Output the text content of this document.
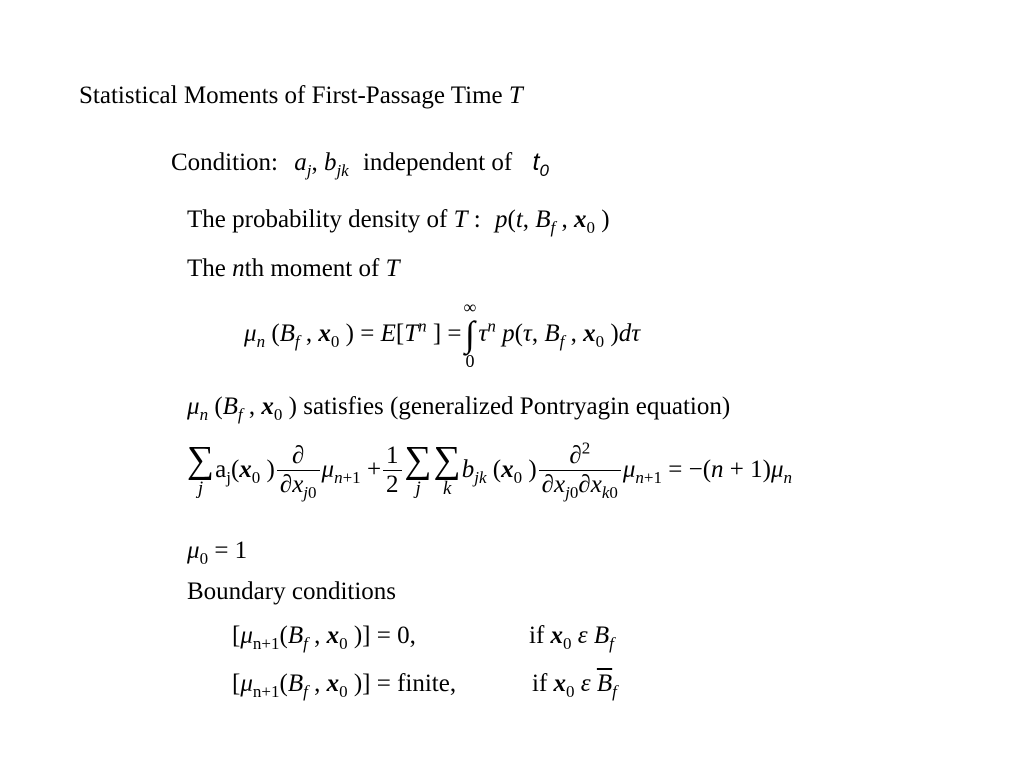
Statistical Moments of First-Passage Time T
Condition: $a_j$, $b_{jk}$ independent of $t_0$
The probability density of T : p(t, $B_f$ , $x_0$ )
The nth moment of T
$\mu_n$ ($B_f$ , $x_0$ ) = $E[T^n$ ] =
∞
∫
0
$\tau^n$ p(τ, $B_f$ , $x_0$ )dτ
$\mu_n$ ($B_f$ , $x_0$ ) satisfies (generalized Pontryagin equation)
∑
j
$a_j(x_0$ ) $\frac{\partial}{\partial x_{j0}} \mu_{n+1} + \frac{1}{2}$ ∑
j
∑
k
$b_{jk}$ ($x_0$ ) $\frac{\partial^2}{\partial x_{j0}\partial x_{k0}} \mu_{n+1} = -(n + 1)\mu_n$
$\mu_0 = 1$
Boundary conditions
[$\mu_{n+1}(B_f$ , $x_0$ )] = 0,	if $x_0$ ε $B_f$
[$\mu_{n+1}(B_f$ , $x_0$ )] = finite,	if $x_0$ ε $\overline{B}_f$
